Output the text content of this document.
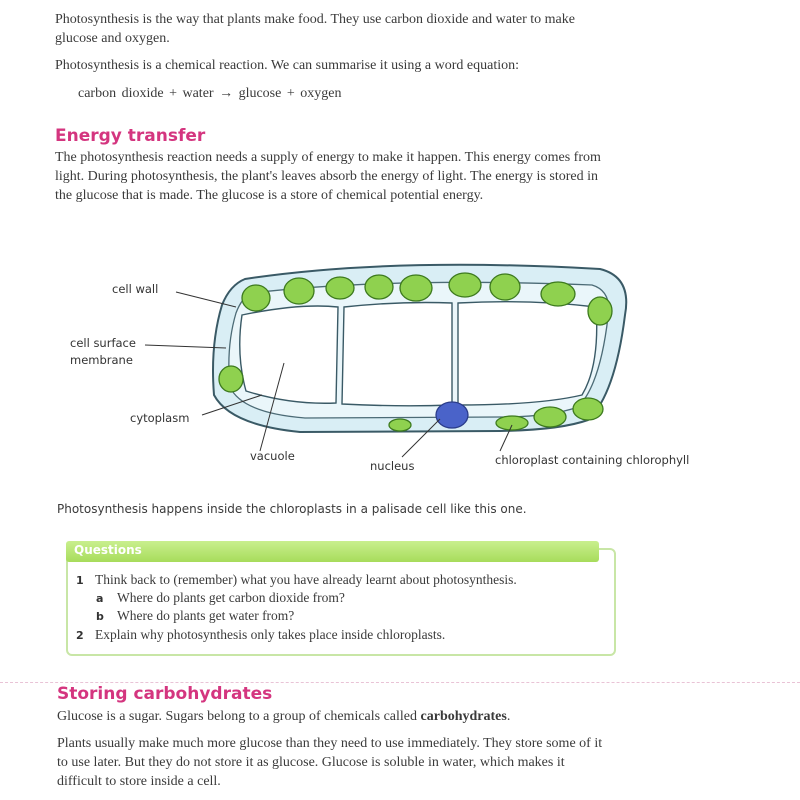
Photosynthesis is the way that plants make food. They use carbon dioxide and water to make glucose and oxygen.

Photosynthesis is a chemical reaction. We can summarise it using a word equation:

carbon dioxide + water → glucose + oxygen

Energy transfer

The photosynthesis reaction needs a supply of energy to make it happen. This energy comes from light. During photosynthesis, the plant's leaves absorb the energy of light. The energy is stored in the glucose that is made. The glucose is a store of chemical potential energy.

cell wall
cell surface
membrane
cytoplasm
vacuole
nucleus	chloroplast containing chlorophyll

Photosynthesis happens inside the chloroplasts in a palisade cell like this one.

Questions
1 Think back to (remember) what you have already learnt about photosynthesis.

a Where do plants get carbon dioxide from?

b Where do plants get water from?

2 Explain why photosynthesis only takes place inside chloroplasts.

Storing carbohydrates

Glucose is a sugar. Sugars belong to a group of chemicals called carbohydrates.

Plants usually make much more glucose than they need to use immediately. They store some of it to use later. But they do not store it as glucose. Glucose is soluble in water, which makes it difficult to store inside a cell.
